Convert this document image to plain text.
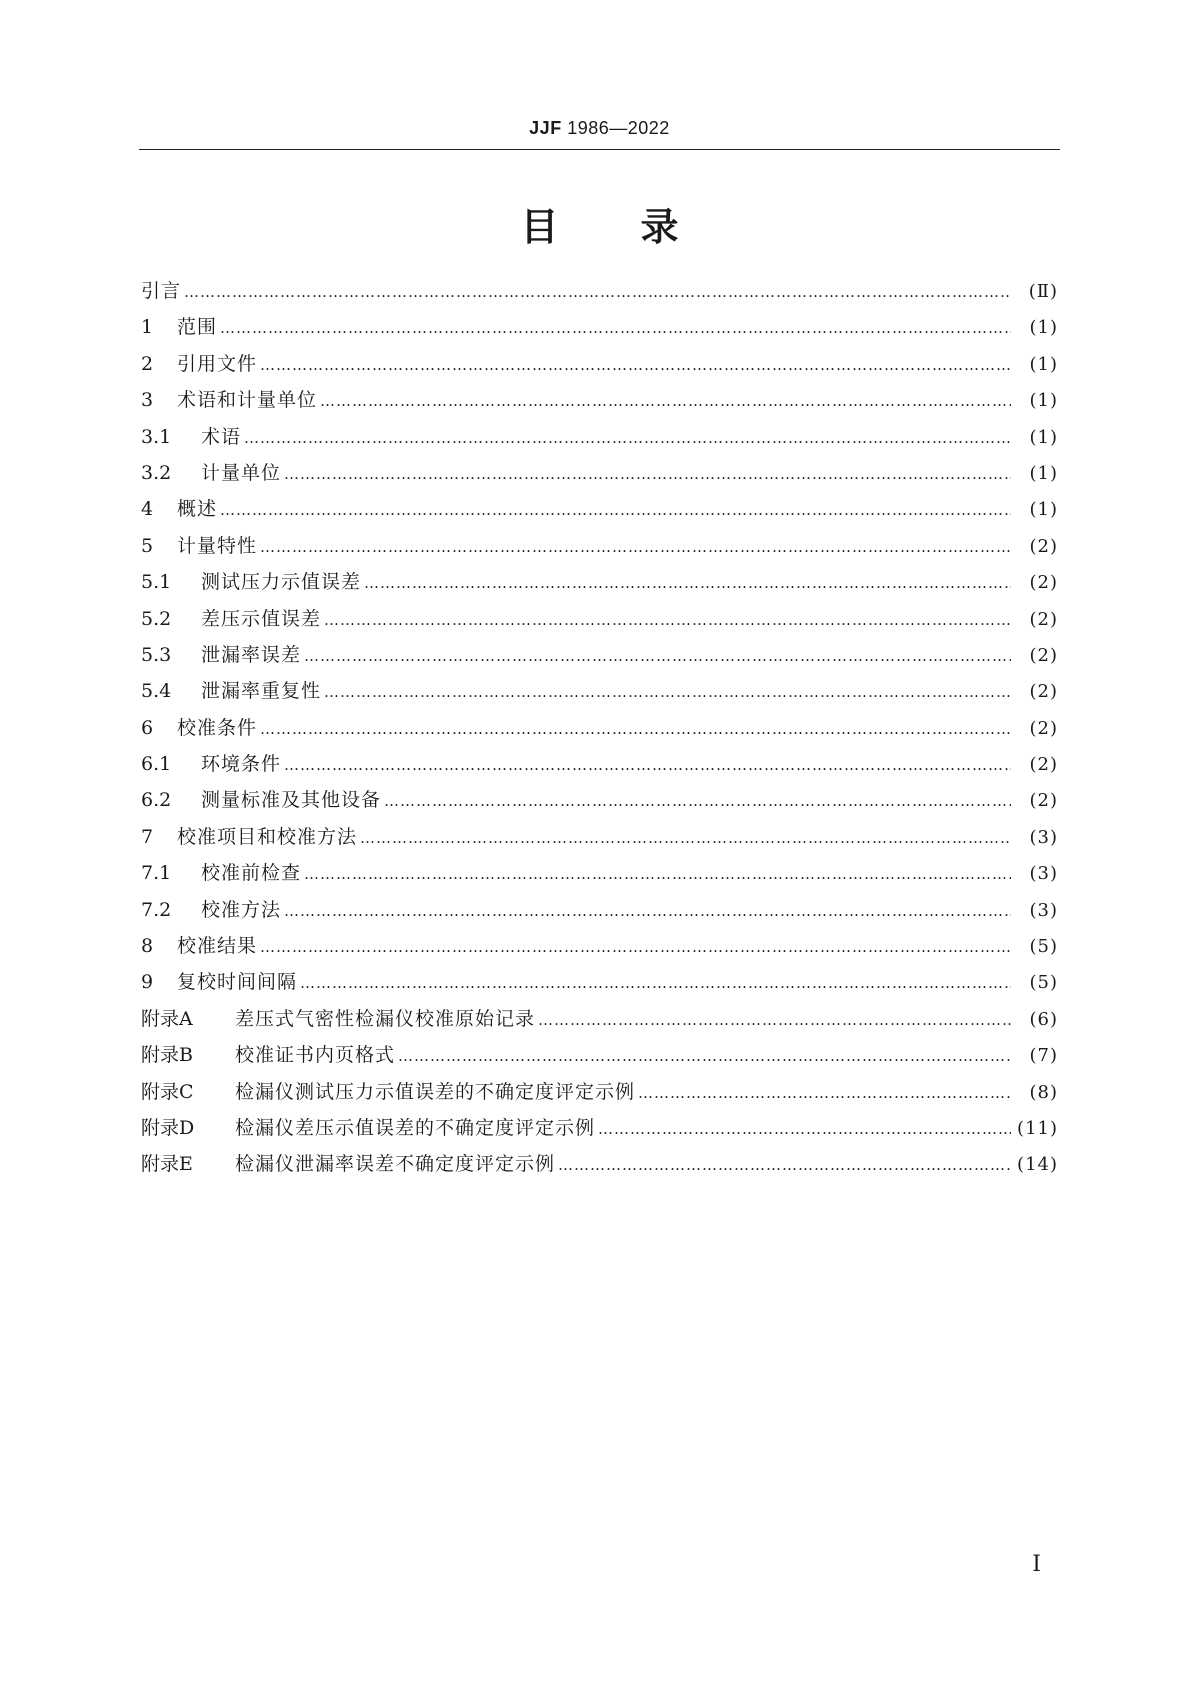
JJF 1986—2022
目 录
引言 …………………………………………………………………………………………………………………………………………………………………………………………………………	(Ⅱ)
1	范围 …………………………………………………………………………………………………………………………………………………………………………………………………………	(1)
2	引用文件 …………………………………………………………………………………………………………………………………………………………………………………………………………	(1)
3	术语和计量单位 …………………………………………………………………………………………………………………………………………………………………………………………………………	(1)
3.1	术语 …………………………………………………………………………………………………………………………………………………………………………………………………………	(1)
3.2	计量单位 …………………………………………………………………………………………………………………………………………………………………………………………………………	(1)
4	概述 …………………………………………………………………………………………………………………………………………………………………………………………………………	(1)
5	计量特性 …………………………………………………………………………………………………………………………………………………………………………………………………………	(2)
5.1	测试压力示值误差 …………………………………………………………………………………………………………………………………………………………………………………………………………	(2)
5.2	差压示值误差 …………………………………………………………………………………………………………………………………………………………………………………………………………	(2)
5.3	泄漏率误差 …………………………………………………………………………………………………………………………………………………………………………………………………………	(2)
5.4	泄漏率重复性 …………………………………………………………………………………………………………………………………………………………………………………………………………	(2)
6	校准条件 …………………………………………………………………………………………………………………………………………………………………………………………………………	(2)
6.1	环境条件 …………………………………………………………………………………………………………………………………………………………………………………………………………	(2)
6.2	测量标准及其他设备 …………………………………………………………………………………………………………………………………………………………………………………………………………	(2)
7	校准项目和校准方法 …………………………………………………………………………………………………………………………………………………………………………………………………………	(3)
7.1	校准前检查 …………………………………………………………………………………………………………………………………………………………………………………………………………	(3)
7.2	校准方法 …………………………………………………………………………………………………………………………………………………………………………………………………………	(3)
8	校准结果 …………………………………………………………………………………………………………………………………………………………………………………………………………	(5)
9	复校时间间隔 …………………………………………………………………………………………………………………………………………………………………………………………………………	(5)
附录A	差压式气密性检漏仪校准原始记录 …………………………………………………………………………………………………………………………………………………………………………………………………………	(6)
附录B	校准证书内页格式 …………………………………………………………………………………………………………………………………………………………………………………………………………	(7)
附录C	检漏仪测试压力示值误差的不确定度评定示例 …………………………………………………………………………………………………………………………………………………………………………………………………………	(8)
附录D	检漏仪差压示值误差的不确定度评定示例 …………………………………………………………………………………………………………………………………………………………………………………………………………	(11)
附录E	检漏仪泄漏率误差不确定度评定示例 …………………………………………………………………………………………………………………………………………………………………………………………………………	(14)
I
